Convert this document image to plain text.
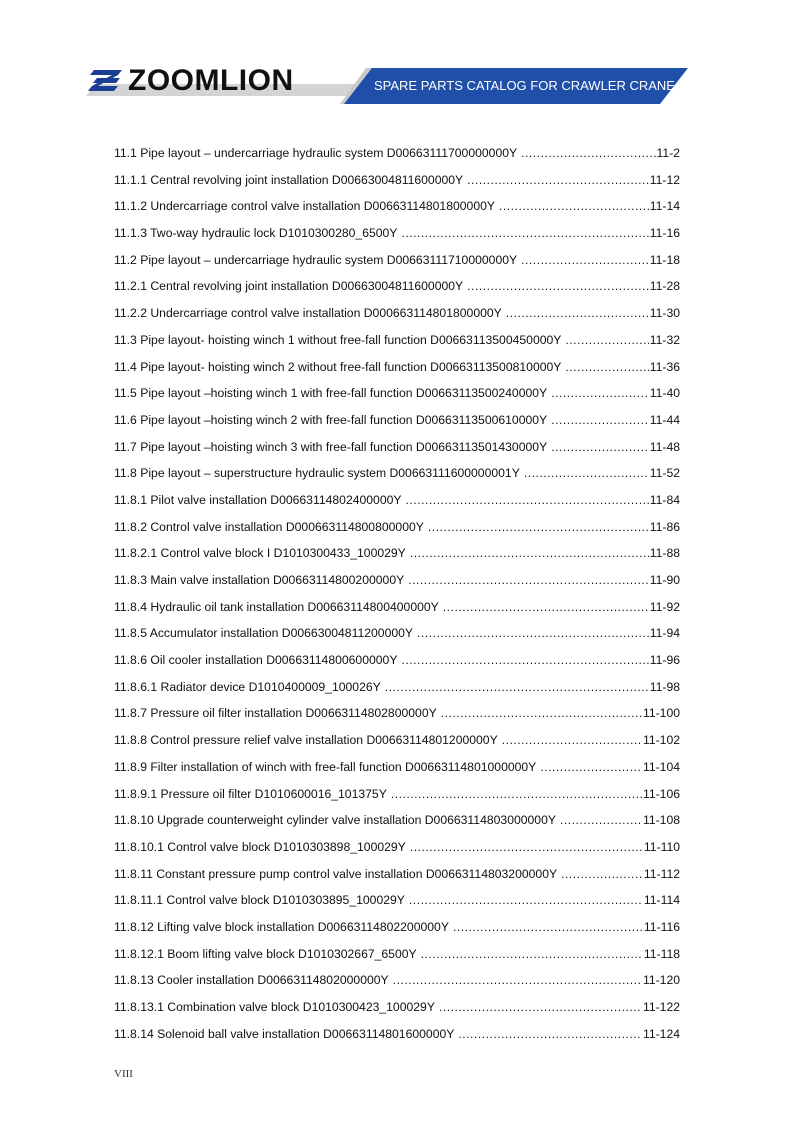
ZOOMLION	SPARE PARTS CATALOG FOR CRAWLER CRANE
11.1 Pipe layout – undercarriage hydraulic system D00663111700000000Y .....	11-2
11.1.1 Central revolving joint installation D00663004811600000Y .....	11-12
11.1.2 Undercarriage control valve installation D00663114801800000Y .....	11-14
11.1.3 Two-way hydraulic lock D1010300280_6500Y .....	11-16
11.2 Pipe layout – undercarriage hydraulic system D00663111710000000Y .....	11-18
11.2.1 Central revolving joint installation D00663004811600000Y .....	11-28
11.2.2 Undercarriage control valve installation D000663114801800000Y .....	11-30
11.3 Pipe layout- hoisting winch 1 without free-fall function D00663113500450000Y .....	11-32
11.4 Pipe layout- hoisting winch 2 without free-fall function D00663113500810000Y .....	11-36
11.5 Pipe layout –hoisting winch 1 with free-fall function D00663113500240000Y .....	11-40
11.6 Pipe layout –hoisting winch 2 with free-fall function D00663113500610000Y .....	11-44
11.7 Pipe layout –hoisting winch 3 with free-fall function D00663113501430000Y .....	11-48
11.8 Pipe layout – superstructure hydraulic system D00663111600000001Y .....	11-52
11.8.1 Pilot valve installation D00663114802400000Y .....	11-84
11.8.2 Control valve installation D000663114800800000Y .....	11-86
11.8.2.1 Control valve block I D1010300433_100029Y .....	11-88
11.8.3 Main valve installation D00663114800200000Y .....	11-90
11.8.4 Hydraulic oil tank installation D00663114800400000Y .....	11-92
11.8.5 Accumulator installation D00663004811200000Y .....	11-94
11.8.6 Oil cooler installation D00663114800600000Y .....	11-96
11.8.6.1 Radiator device D1010400009_100026Y .....	11-98
11.8.7 Pressure oil filter installation D00663114802800000Y .....	11-100
11.8.8 Control pressure relief valve installation D00663114801200000Y .....	11-102
11.8.9 Filter installation of winch with free-fall function D00663114801000000Y .....	11-104
11.8.9.1 Pressure oil filter D1010600016_101375Y .....	11-106
11.8.10 Upgrade counterweight cylinder valve installation D00663114803000000Y .....	11-108
11.8.10.1 Control valve block D1010303898_100029Y .....	11-110
11.8.11 Constant pressure pump control valve installation D00663114803200000Y .....	11-112
11.8.11.1 Control valve block D1010303895_100029Y .....	11-114
11.8.12 Lifting valve block installation D00663114802200000Y .....	11-116
11.8.12.1 Boom lifting valve block D1010302667_6500Y .....	11-118
11.8.13 Cooler installation D00663114802000000Y .....	11-120
11.8.13.1 Combination valve block D1010300423_100029Y .....	11-122
11.8.14 Solenoid ball valve installation D00663114801600000Y .....	11-124
VIII
